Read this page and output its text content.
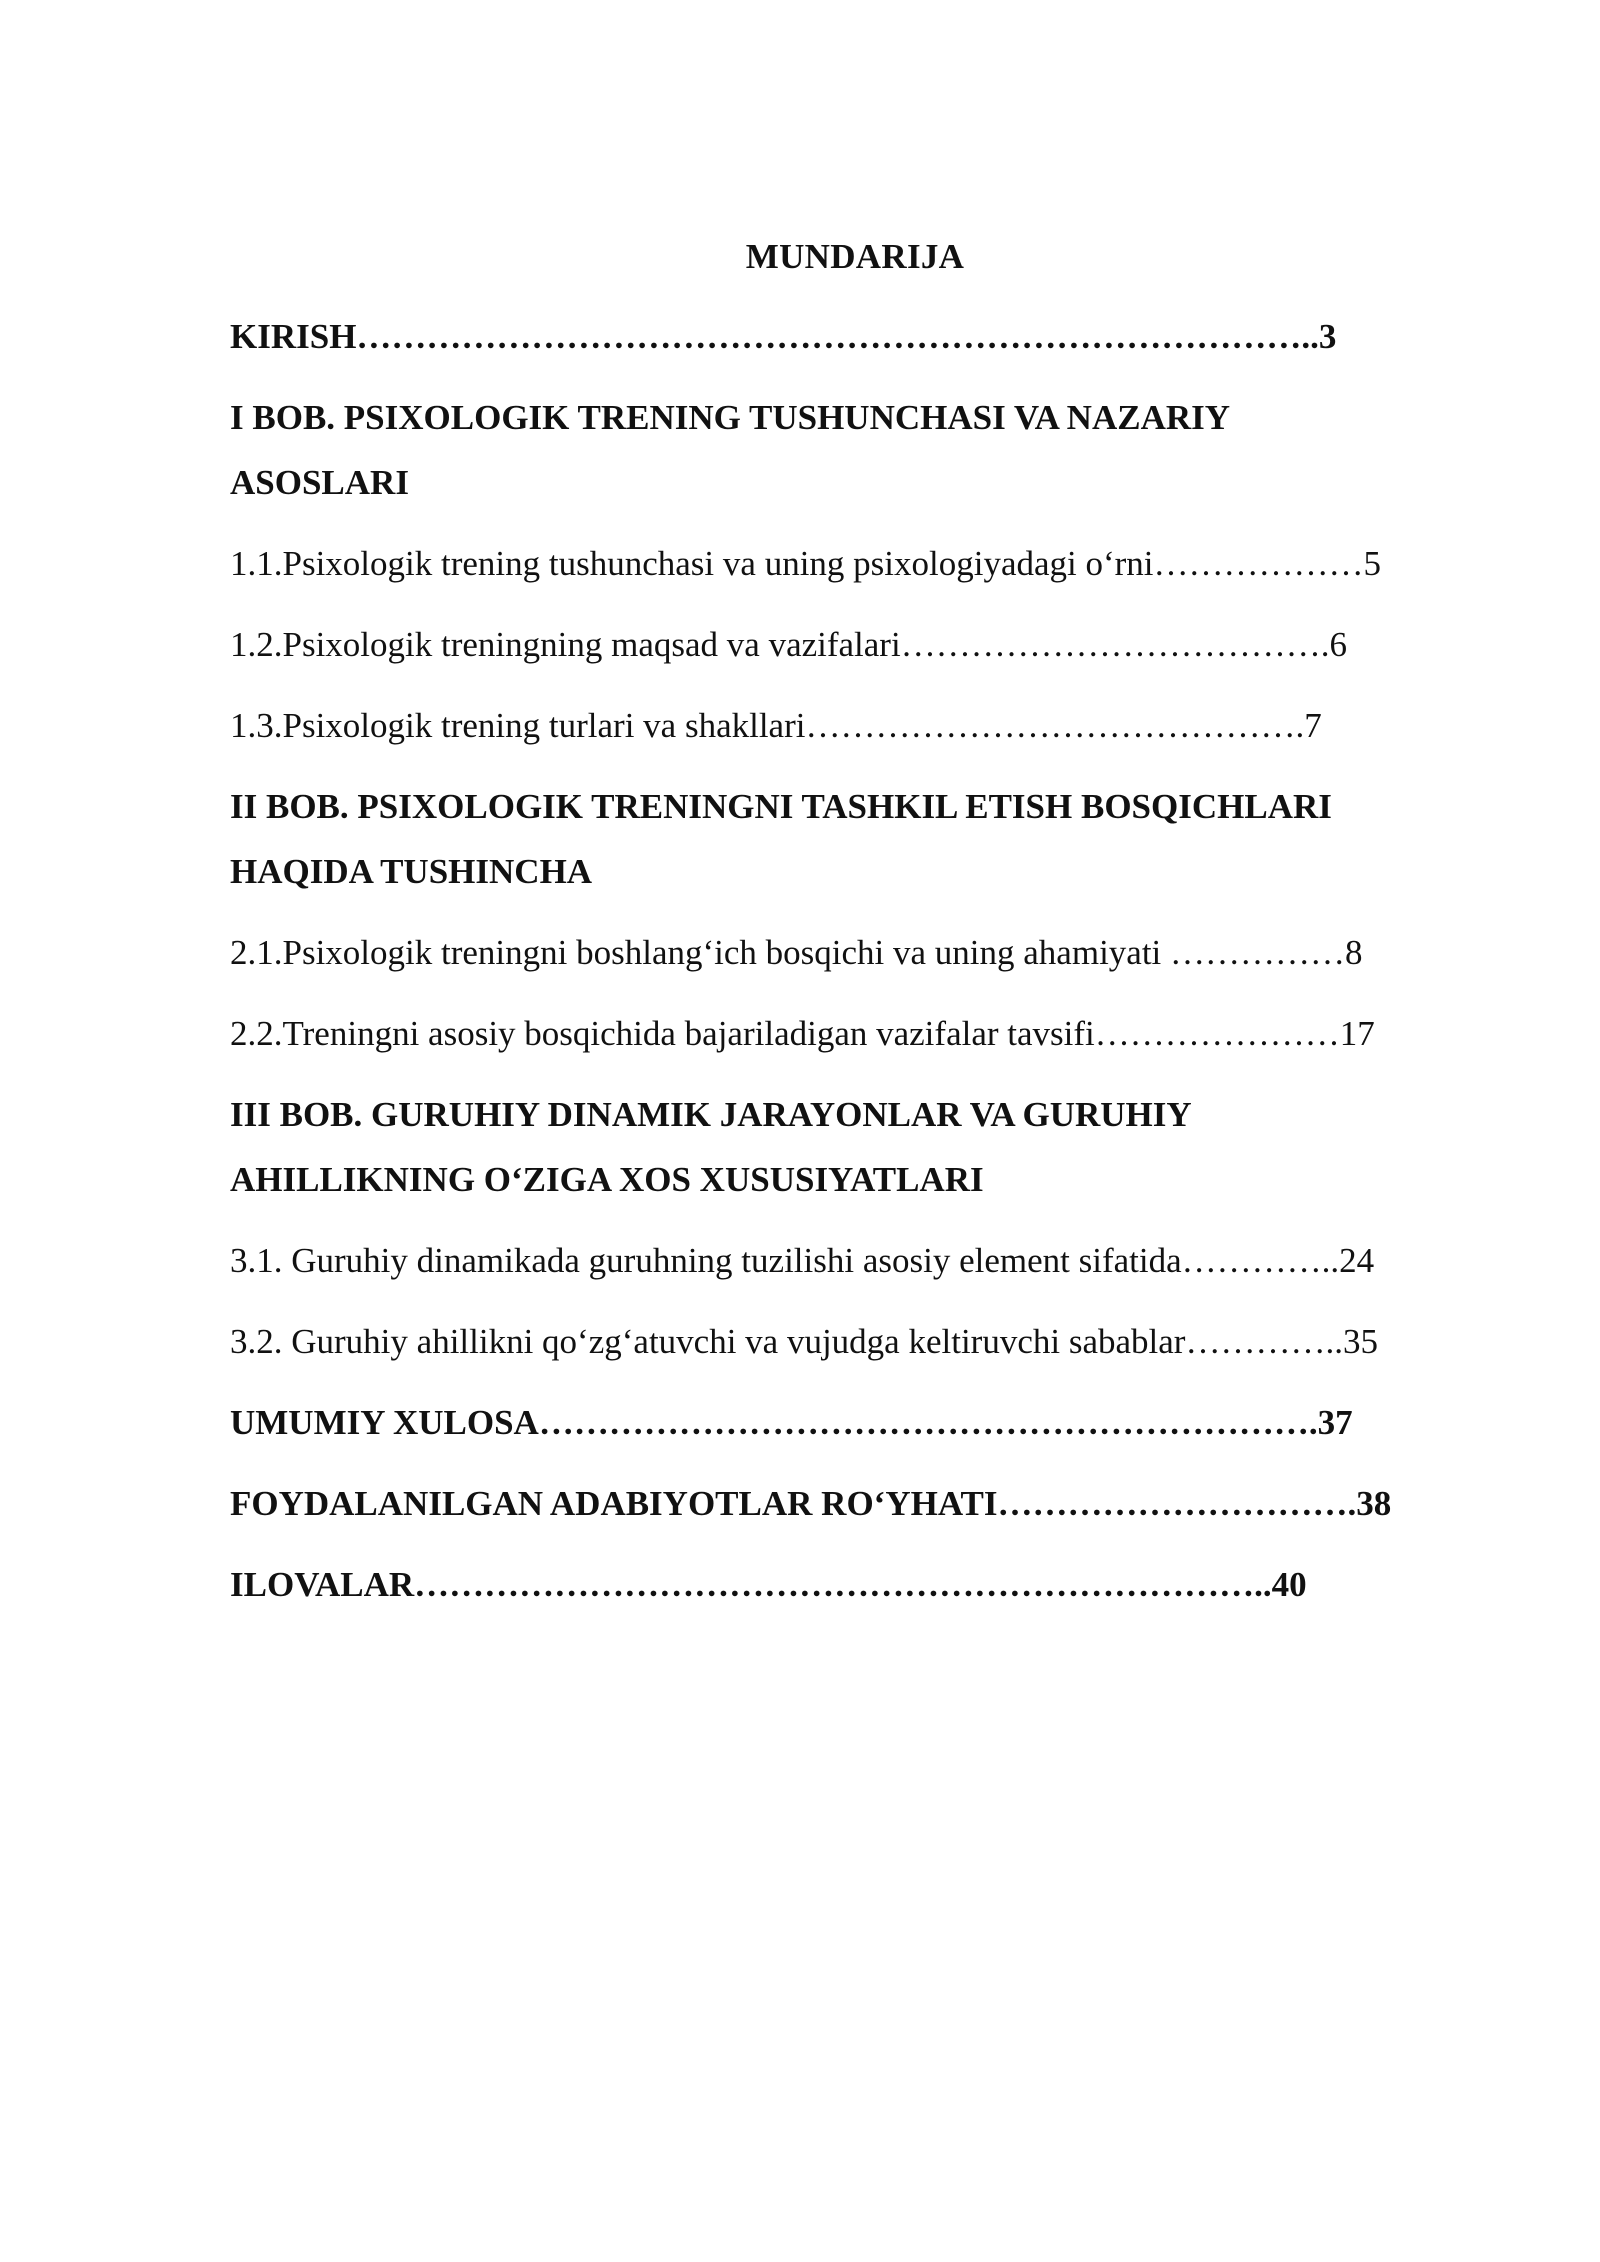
MUNDARIJA
KIRISH………………………………………………………………………..3
I BOB. PSIXOLOGIK TRENING TUSHUNCHASI VA NAZARIY
ASOSLARI
1.1.Psixologik trening tushunchasi va uning psixologiyadagi o‘rni………………5
1.2.Psixologik treningning maqsad va vazifalari……………………………….6
1.3.Psixologik trening turlari va shakllari…………………………………….7
II BOB. PSIXOLOGIK TRENINGNI TASHKIL ETISH BOSQICHLARI
HAQIDA TUSHINCHA
2.1.Psixologik treningni boshlang‘ich bosqichi va uning ahamiyati ……………8
2.2.Treningni asosiy bosqichida bajariladigan vazifalar tavsifi…………………17
III BOB. GURUHIY DINAMIK JARAYONLAR VA GURUHIY
AHILLIKNING O‘ZIGA XOS XUSUSIYATLARI
3.1. Guruhiy dinamikada guruhning tuzilishi asosiy element sifatida…………..24
3.2. Guruhiy ahillikni qo‘zg‘atuvchi va vujudga keltiruvchi sabablar…………..35
UMUMIY XULOSA………………………………………………………….37
FOYDALANILGAN ADABIYOTLAR RO‘YHATI………………………….38
ILOVALAR………………………………………………………………..40
